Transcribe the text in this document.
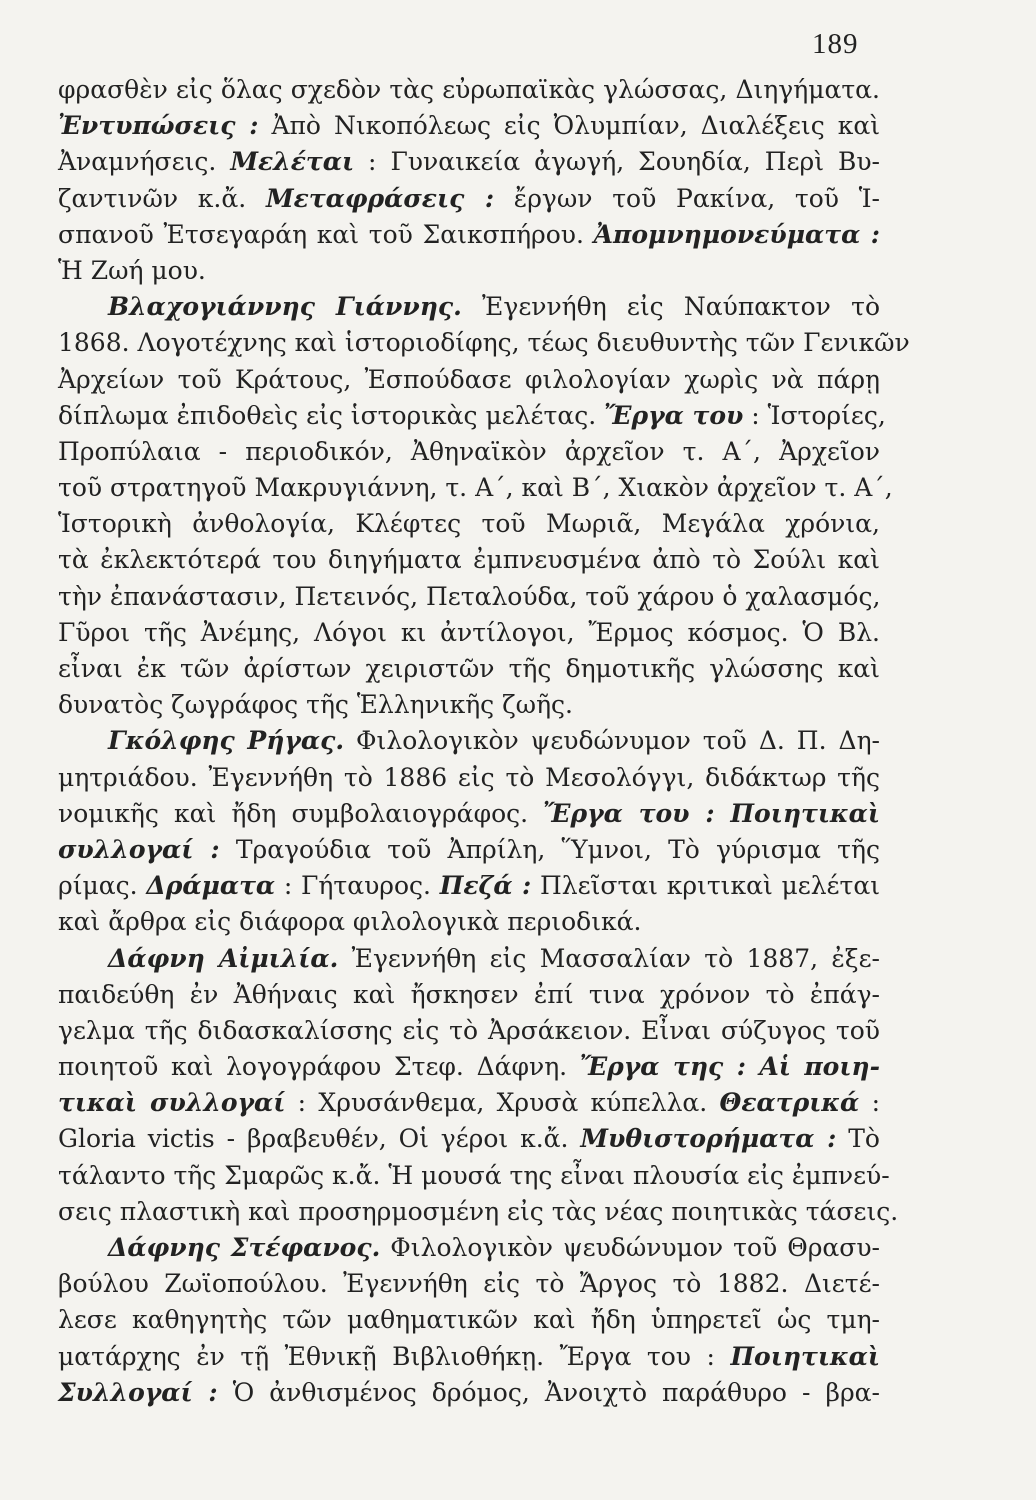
189
φρασθὲν εἰς ὅλας σχεδὸν τὰς εὐρωπαϊκὰς γλώσσας, Διηγήματα.
Ἐντυπώσεις : Ἀπὸ Νικοπόλεως εἰς Ὀλυμπίαν, Διαλέξεις καὶ
Ἀναμνήσεις. Μελέται : Γυναικεία ἀγωγή, Σουηδία, Περὶ Βυ-
ζαντινῶν κ.ἄ. Μεταφράσεις : ἔργων τοῦ Ρακίνα, τοῦ Ἱ-
σπανοῦ Ἐτσεγαράη καὶ τοῦ Σαικσπήρου. Ἀπομνημονεύματα :
Ἡ Ζωή μου.
Βλαχογιάννης Γιάννης. Ἐγεννήθη εἰς Ναύπακτον τὸ
1868. Λογοτέχνης καὶ ἱστοριοδίφης, τέως διευθυντὴς τῶν Γενικῶν
Ἀρχείων τοῦ Κράτους, Ἐσπούδασε φιλολογίαν χωρὶς νὰ πάρῃ
δίπλωμα ἐπιδοθεὶς εἰς ἱστορικὰς μελέτας. Ἔργα του : Ἱστορίες,
Προπύλαια - περιοδικόν, Ἀθηναϊκὸν ἀρχεῖον τ. Α΄, Ἀρχεῖον
τοῦ στρατηγοῦ Μακρυγιάννη, τ. Α΄, καὶ Β΄, Χιακὸν ἀρχεῖον τ. Α΄,
Ἱστορικὴ ἀνθολογία, Κλέφτες τοῦ Μωριᾶ, Μεγάλα χρόνια,
τὰ ἐκλεκτότερά του διηγήματα ἐμπνευσμένα ἀπὸ τὸ Σούλι καὶ
τὴν ἐπανάστασιν, Πετεινός, Πεταλούδα, τοῦ χάρου ὁ χαλασμός,
Γῦροι τῆς Ἀνέμης, Λόγοι κι ἀντίλογοι, Ἔρμος κόσμος. Ὁ Βλ.
εἶναι ἐκ τῶν ἀρίστων χειριστῶν τῆς δημοτικῆς γλώσσης καὶ
δυνατὸς ζωγράφος τῆς Ἑλληνικῆς ζωῆς.
Γκόλφης Ρήγας. Φιλολογικὸν ψευδώνυμον τοῦ Δ. Π. Δη-
μητριάδου. Ἐγεννήθη τὸ 1886 εἰς τὸ Μεσολόγγι, διδάκτωρ τῆς
νομικῆς καὶ ἤδη συμβολαιογράφος. Ἔργα του : Ποιητικαὶ
συλλογαί : Τραγούδια τοῦ Ἀπρίλη, Ὕμνοι, Τὸ γύρισμα τῆς
ρίμας. Δράματα : Γήταυρος. Πεζά : Πλεῖσται κριτικαὶ μελέται
καὶ ἄρθρα εἰς διάφορα φιλολογικὰ περιοδικά.
Δάφνη Αἰμιλία. Ἐγεννήθη εἰς Μασσαλίαν τὸ 1887, ἐξε-
παιδεύθη ἐν Ἀθήναις καὶ ἤσκησεν ἐπί τινα χρόνον τὸ ἐπάγ-
γελμα τῆς διδασκαλίσσης εἰς τὸ Ἀρσάκειον. Εἶναι σύζυγος τοῦ
ποιητοῦ καὶ λογογράφου Στεφ. Δάφνη. Ἔργα της : Αἱ ποιη-
τικαὶ συλλογαί : Χρυσάνθεμα, Χρυσὰ κύπελλα. Θεατρικά :
Gloria victis - βραβευθέν, Οἱ γέροι κ.ἄ. Μυθιστορήματα : Τὸ
τάλαντο τῆς Σμαρῶς κ.ἄ. Ἡ μουσά της εἶναι πλουσία εἰς ἐμπνεύ-
σεις πλαστικὴ καὶ προσηρμοσμένη εἰς τὰς νέας ποιητικὰς τάσεις.
Δάφνης Στέφανος. Φιλολογικὸν ψευδώνυμον τοῦ Θρασυ-
βούλου Ζωϊοπούλου. Ἐγεννήθη εἰς τὸ Ἄργος τὸ 1882. Διετέ-
λεσε καθηγητὴς τῶν μαθηματικῶν καὶ ἤδη ὑπηρετεῖ ὡς τμη-
ματάρχης ἐν τῇ Ἐθνικῇ Βιβλιοθήκῃ. Ἔργα του : Ποιητικαὶ
Συλλογαί : Ὁ ἀνθισμένος δρόμος, Ἀνοιχτὸ παράθυρο - βρα-
